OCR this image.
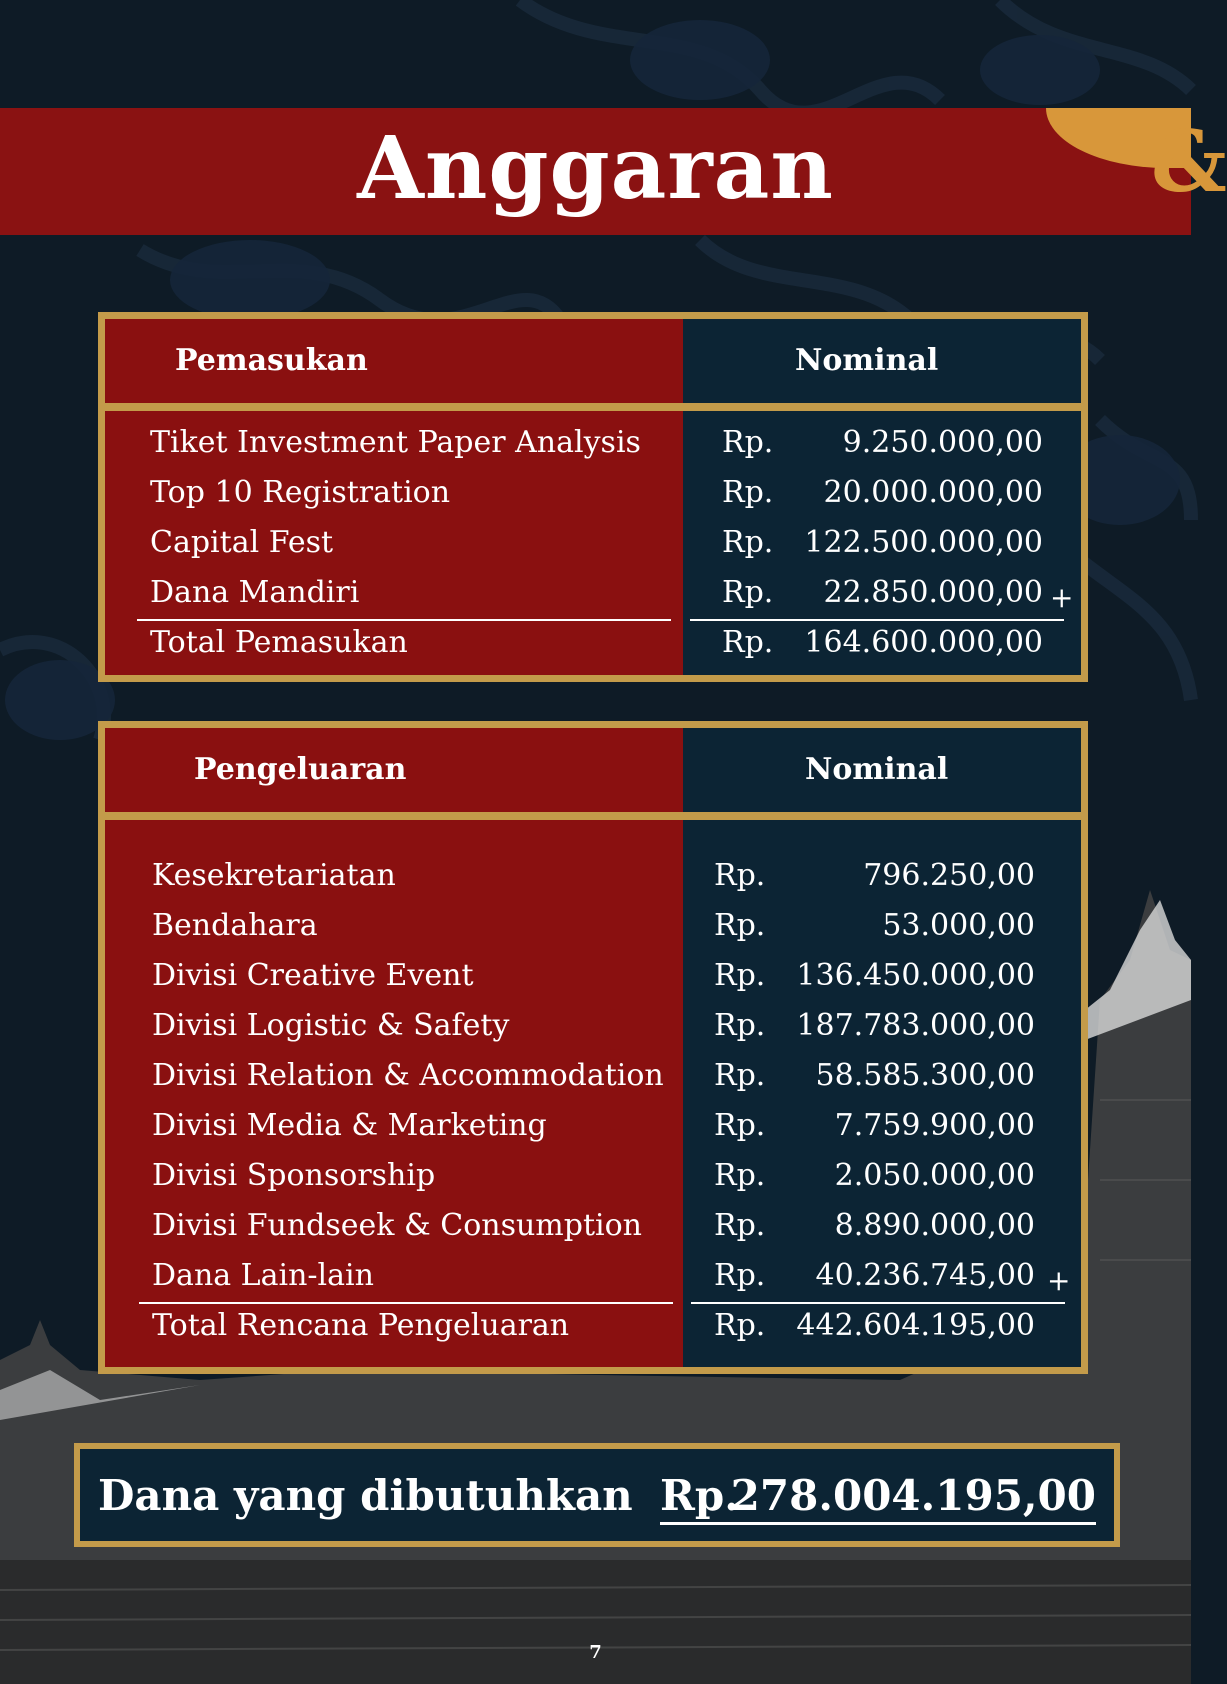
&
Anggaran
Pemasukan	Nominal
Tiket Investment Paper Analysis	Rp. 9.250.000,00
Top 10 Registration	Rp. 20.000.000,00
Capital Fest	Rp. 122.500.000,00
Dana Mandiri	Rp. 22.850.000,00 +
Total Pemasukan	Rp. 164.600.000,00
Pengeluaran	Nominal
Kesekretariatan	Rp.	796.250,00
Bendahara	Rp.	53.000,00
Divisi Creative Event	Rp. 136.450.000,00
Divisi Logistic & Safety	Rp. 187.783.000,00
Divisi Relation & Accommodation Rp. 58.585.300,00
Divisi Media & Marketing	Rp. 7.759.900,00
Divisi Sponsorship	Rp. 2.050.000,00
Divisi Fundseek & Consumption Rp. 8.890.000,00
Dana Lain-lain	Rp. 40.236.745,00 +
Total Rencana Pengeluaran	Rp. 442.604.195,00
Dana yang dibutuhkan Rp.
278.004.195,00
7
